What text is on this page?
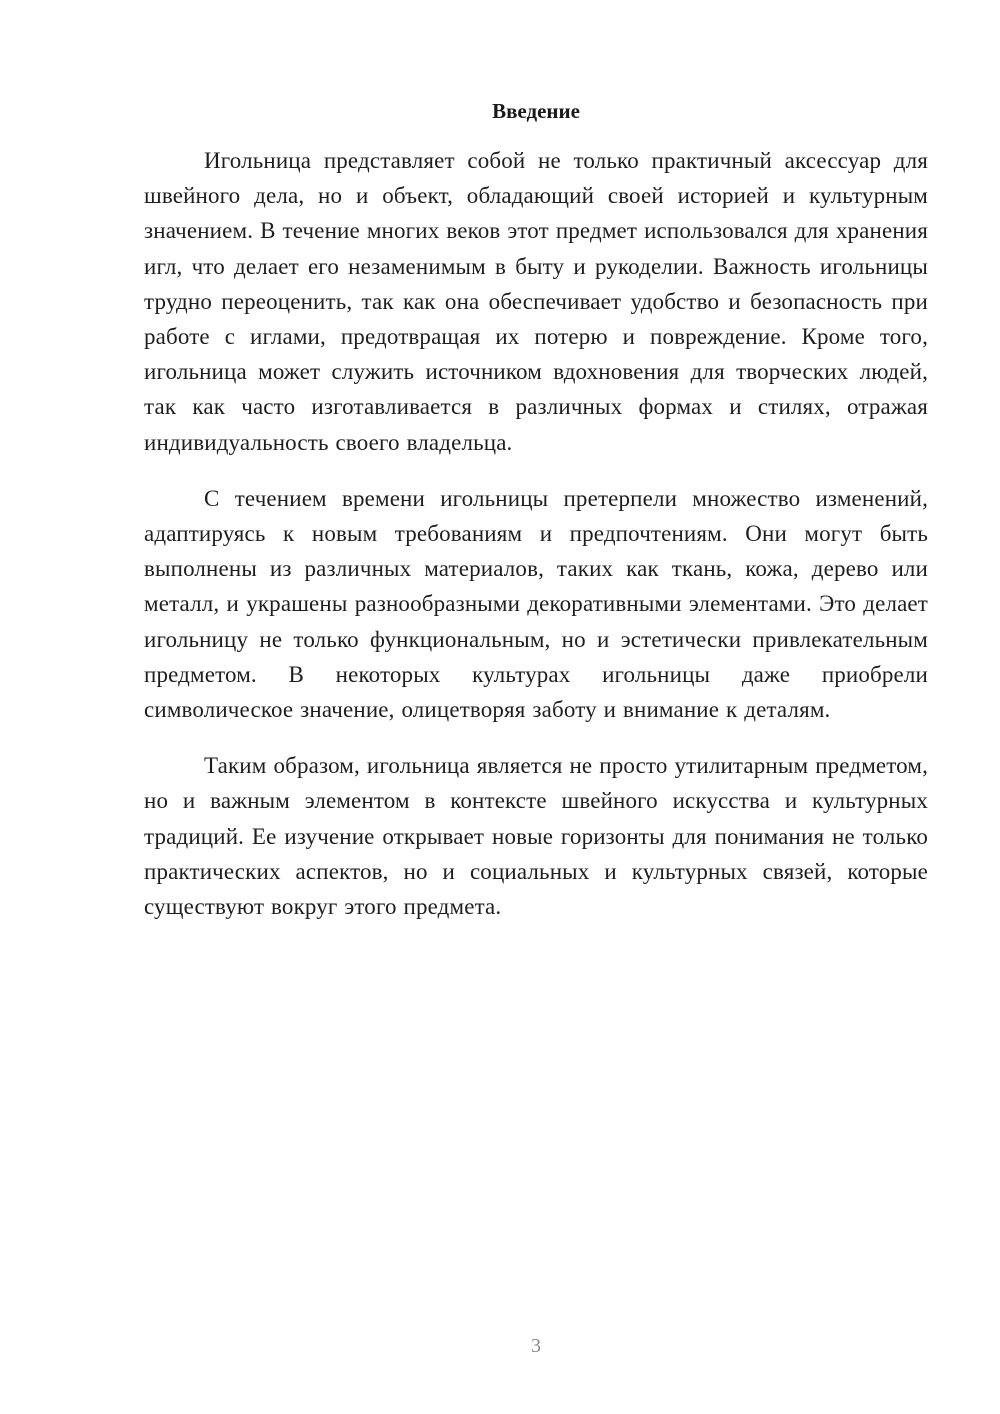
Введение

Игольница представляет собой не только практичный аксессуар для швейного дела, но и объект, обладающий своей историей и культурным значением. В течение многих веков этот предмет использовался для хранения игл, что делает его незаменимым в быту и рукоделии. Важность игольницы трудно переоценить, так как она обеспечивает удобство и безопасность при работе с иглами, предотвращая их потерю и повреждение. Кроме того, игольница может служить источником вдохновения для творческих людей, так как часто изготавливается в различных формах и стилях, отражая индивидуальность своего владельца.

С течением времени игольницы претерпели множество изменений, адаптируясь к новым требованиям и предпочтениям. Они могут быть выполнены из различных материалов, таких как ткань, кожа, дерево или металл, и украшены разнообразными декоративными элементами. Это делает игольницу не только функциональным, но и эстетически привлекательным предметом. В некоторых культурах игольницы даже приобрели символическое значение, олицетворяя заботу и внимание к деталям.

Таким образом, игольница является не просто утилитарным предметом, но и важным элементом в контексте швейного искусства и культурных традиций. Ее изучение открывает новые горизонты для понимания не только практических аспектов, но и социальных и культурных связей, которые существуют вокруг этого предмета.

3
